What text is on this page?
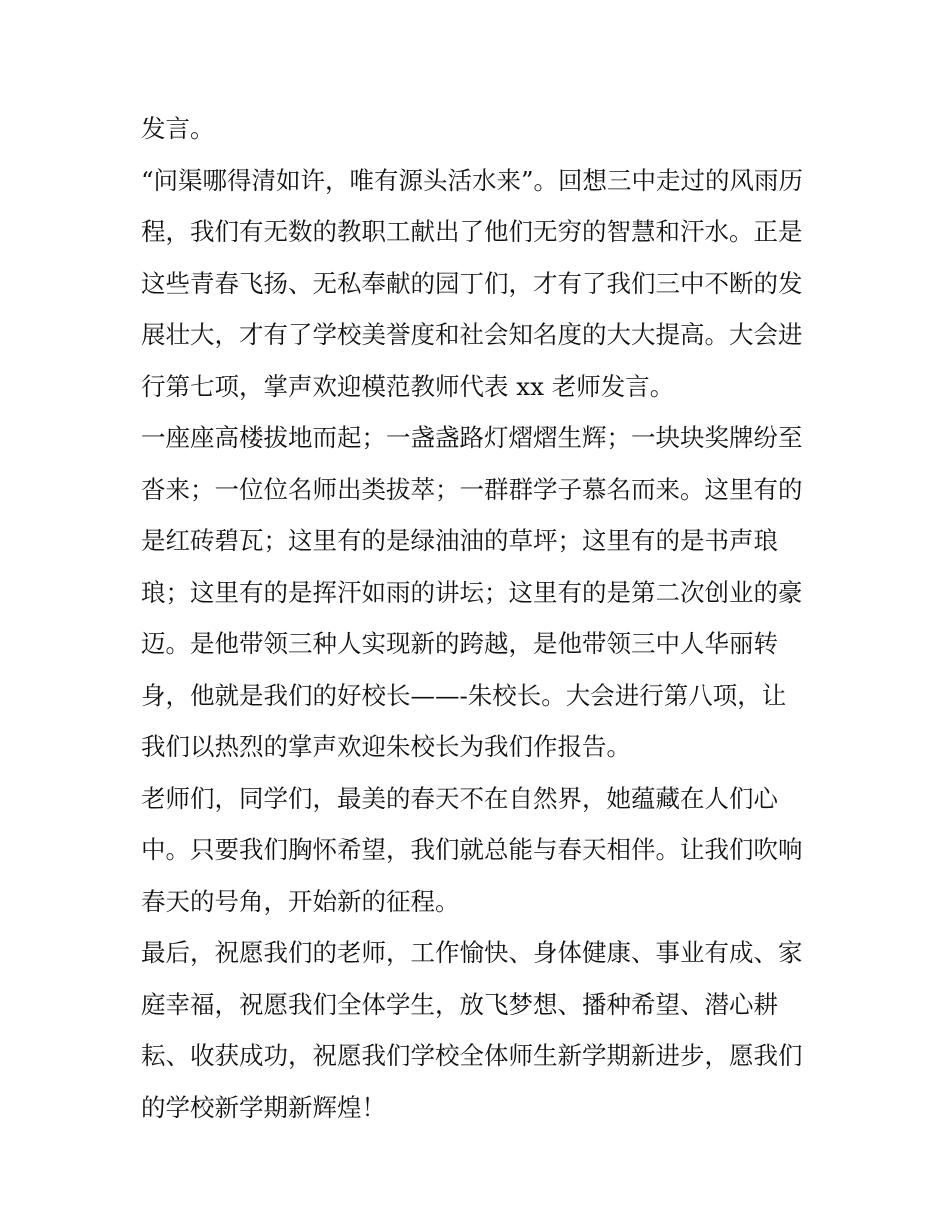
发言。
“问渠哪得清如许，唯有源头活水来”。回想三中走过的风雨历
程，我们有无数的教职工献出了他们无穷的智慧和汗水。正是
这些青春飞扬、无私奉献的园丁们，才有了我们三中不断的发
展壮大，才有了学校美誉度和社会知名度的大大提高。大会进
行第七项，掌声欢迎模范教师代表 xx 老师发言。
一座座高楼拔地而起；一盏盏路灯熠熠生辉；一块块奖牌纷至
沓来；一位位名师出类拔萃；一群群学子慕名而来。这里有的
是红砖碧瓦；这里有的是绿油油的草坪；这里有的是书声琅
琅；这里有的是挥汗如雨的讲坛；这里有的是第二次创业的豪
迈。是他带领三种人实现新的跨越，是他带领三中人华丽转
身，他就是我们的好校长——-朱校长。大会进行第八项，让
我们以热烈的掌声欢迎朱校长为我们作报告。
老师们，同学们，最美的春天不在自然界，她蕴藏在人们心
中。只要我们胸怀希望，我们就总能与春天相伴。让我们吹响
春天的号角，开始新的征程。
最后，祝愿我们的老师，工作愉快、身体健康、事业有成、家
庭幸福，祝愿我们全体学生，放飞梦想、播种希望、潜心耕
耘、收获成功，祝愿我们学校全体师生新学期新进步，愿我们
的学校新学期新辉煌！
